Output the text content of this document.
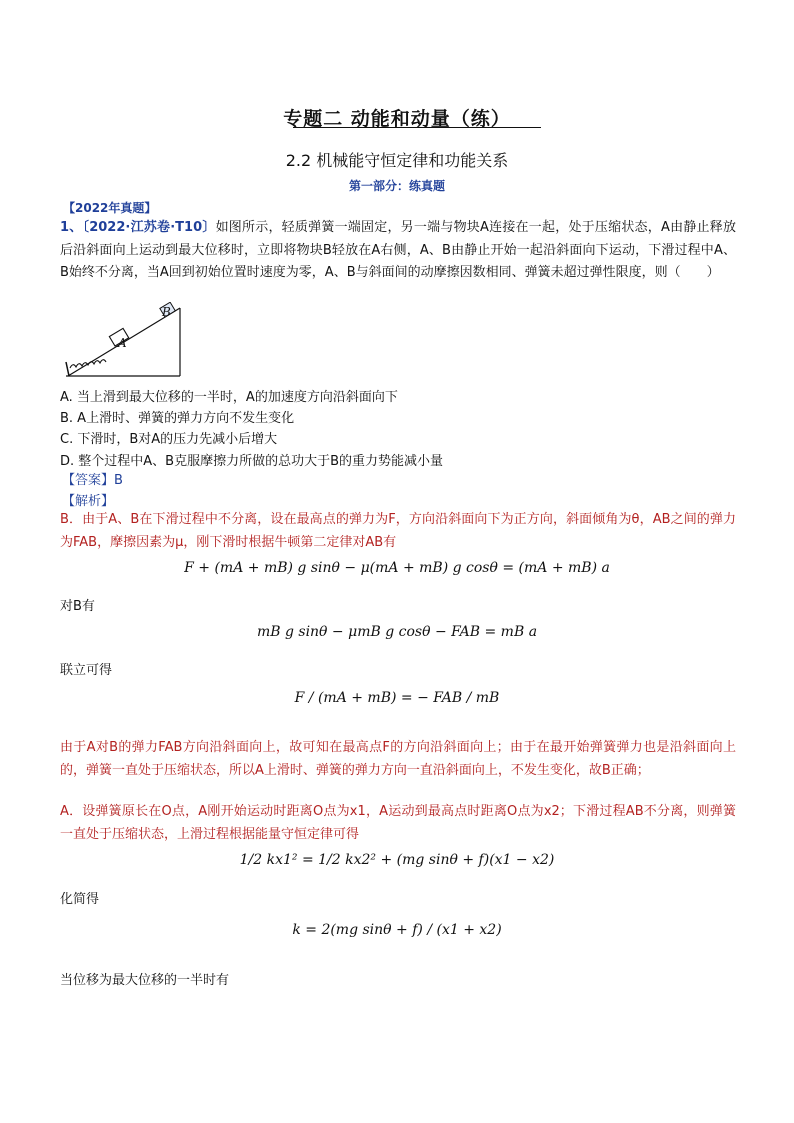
专题二 动能和动量（练）
2.2 机械能守恒定律和功能关系
第一部分：练真题
【2022年真题】
1、〔2022·江苏卷·T10〕如图所示，轻质弹簧一端固定，另一端与物块A连接在一起，处于压缩状态，A由静止释放后沿斜面向上运动到最大位移时，立即将物块B轻放在A右侧，A、B由静止开始一起沿斜面向下运动，下滑过程中A、B始终不分离，当A回到初始位置时速度为零，A、B与斜面间的动摩擦因数相同、弹簧未超过弹性限度，则（　　）
A
B
A. 当上滑到最大位移的一半时，A的加速度方向沿斜面向下
B. A上滑时、弹簧的弹力方向不发生变化
C. 下滑时，B对A的压力先减小后增大
D. 整个过程中A、B克服摩擦力所做的总功大于B的重力势能减小量
【答案】B
【解析】
B．由于A、B在下滑过程中不分离，设在最高点的弹力为F，方向沿斜面向下为正方向，斜面倾角为θ，AB之间的弹力为FAB，摩擦因素为μ，刚下滑时根据牛顿第二定律对AB有
F + (mA + mB) g sinθ − μ(mA + mB) g cosθ = (mA + mB) a
对B有
mB g sinθ − μmB g cosθ − FAB = mB a
联立可得
F / (mA + mB) = − FAB / mB
由于A对B的弹力FAB方向沿斜面向上，故可知在最高点F的方向沿斜面向上；由于在最开始弹簧弹力也是沿斜面向上的，弹簧一直处于压缩状态，所以A上滑时、弹簧的弹力方向一直沿斜面向上，不发生变化，故B正确；
A．设弹簧原长在O点，A刚开始运动时距离O点为x1，A运动到最高点时距离O点为x2；下滑过程AB不分离，则弹簧一直处于压缩状态，上滑过程根据能量守恒定律可得
1/2 kx1² = 1/2 kx2² + (mg sinθ + f)(x1 − x2)
化简得
k = 2(mg sinθ + f) / (x1 + x2)
当位移为最大位移的一半时有
